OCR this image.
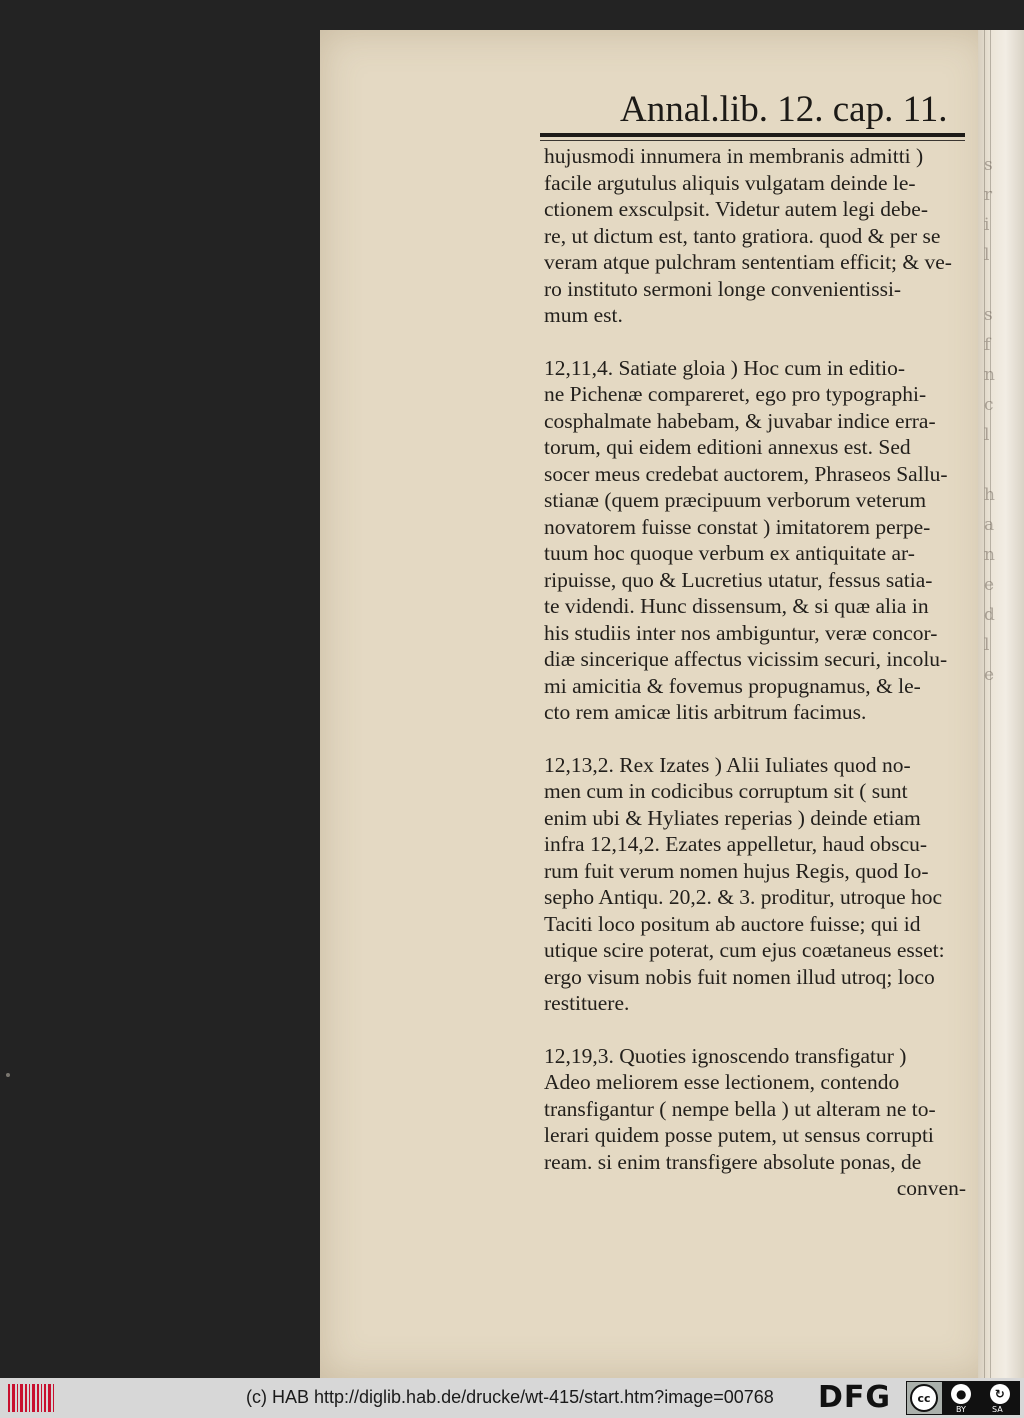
s
r
i
l

s
f
n
c
l

h
a
n
e
d
l
e
Annal.lib. 12. cap. 11.
hujusmodi innumera in membranis admitti )
facile argutulus aliquis vulgatam deinde le-
ctionem exsculpsit. Videtur autem legi debe-
re, ut dictum est, tanto gratiora. quod & per se
veram atque pulchram sententiam efficit; & ve-
ro instituto sermoni longe convenientissi-
mum est.
12,11,4. Satiate gloia ) Hoc cum in editio-
ne Pichenæ compareret, ego pro typographi-
cosphalmate habebam, & juvabar indice erra-
torum, qui eidem editioni annexus est. Sed
socer meus credebat auctorem, Phraseos Sallu-
stianæ (quem præcipuum verborum veterum
novatorem fuisse constat ) imitatorem perpe-
tuum hoc quoque verbum ex antiquitate ar-
ripuisse, quo & Lucretius utatur, fessus satia-
te videndi. Hunc dissensum, & si quæ alia in
his studiis inter nos ambiguntur, veræ concor-
diæ sincerique affectus vicissim securi, incolu-
mi amicitia & fovemus propugnamus, & le-
cto rem amicæ litis arbitrum facimus.
12,13,2. Rex Izates ) Alii Iuliates quod no-
men cum in codicibus corruptum sit ( sunt
enim ubi & Hyliates reperias ) deinde etiam
infra 12,14,2. Ezates appelletur, haud obscu-
rum fuit verum nomen hujus Regis, quod Io-
sepho Antiqu. 20,2. & 3. proditur, utroque hoc
Taciti loco positum ab auctore fuisse; qui id
utique scire poterat, cum ejus coætaneus esset:
ergo visum nobis fuit nomen illud utroq; loco
restituere.
12,19,3. Quoties ignoscendo transfigatur )
Adeo meliorem esse lectionem, contendo
transfigantur ( nempe bella ) ut alteram ne to-
lerari quidem posse putem, ut sensus corrupti
ream. si enim transfigere absolute ponas, de
conven-
(c) HAB http://diglib.hab.de/drucke/wt-415/start.htm?image=00768 DFG	cc	●	↻
BY	SA
